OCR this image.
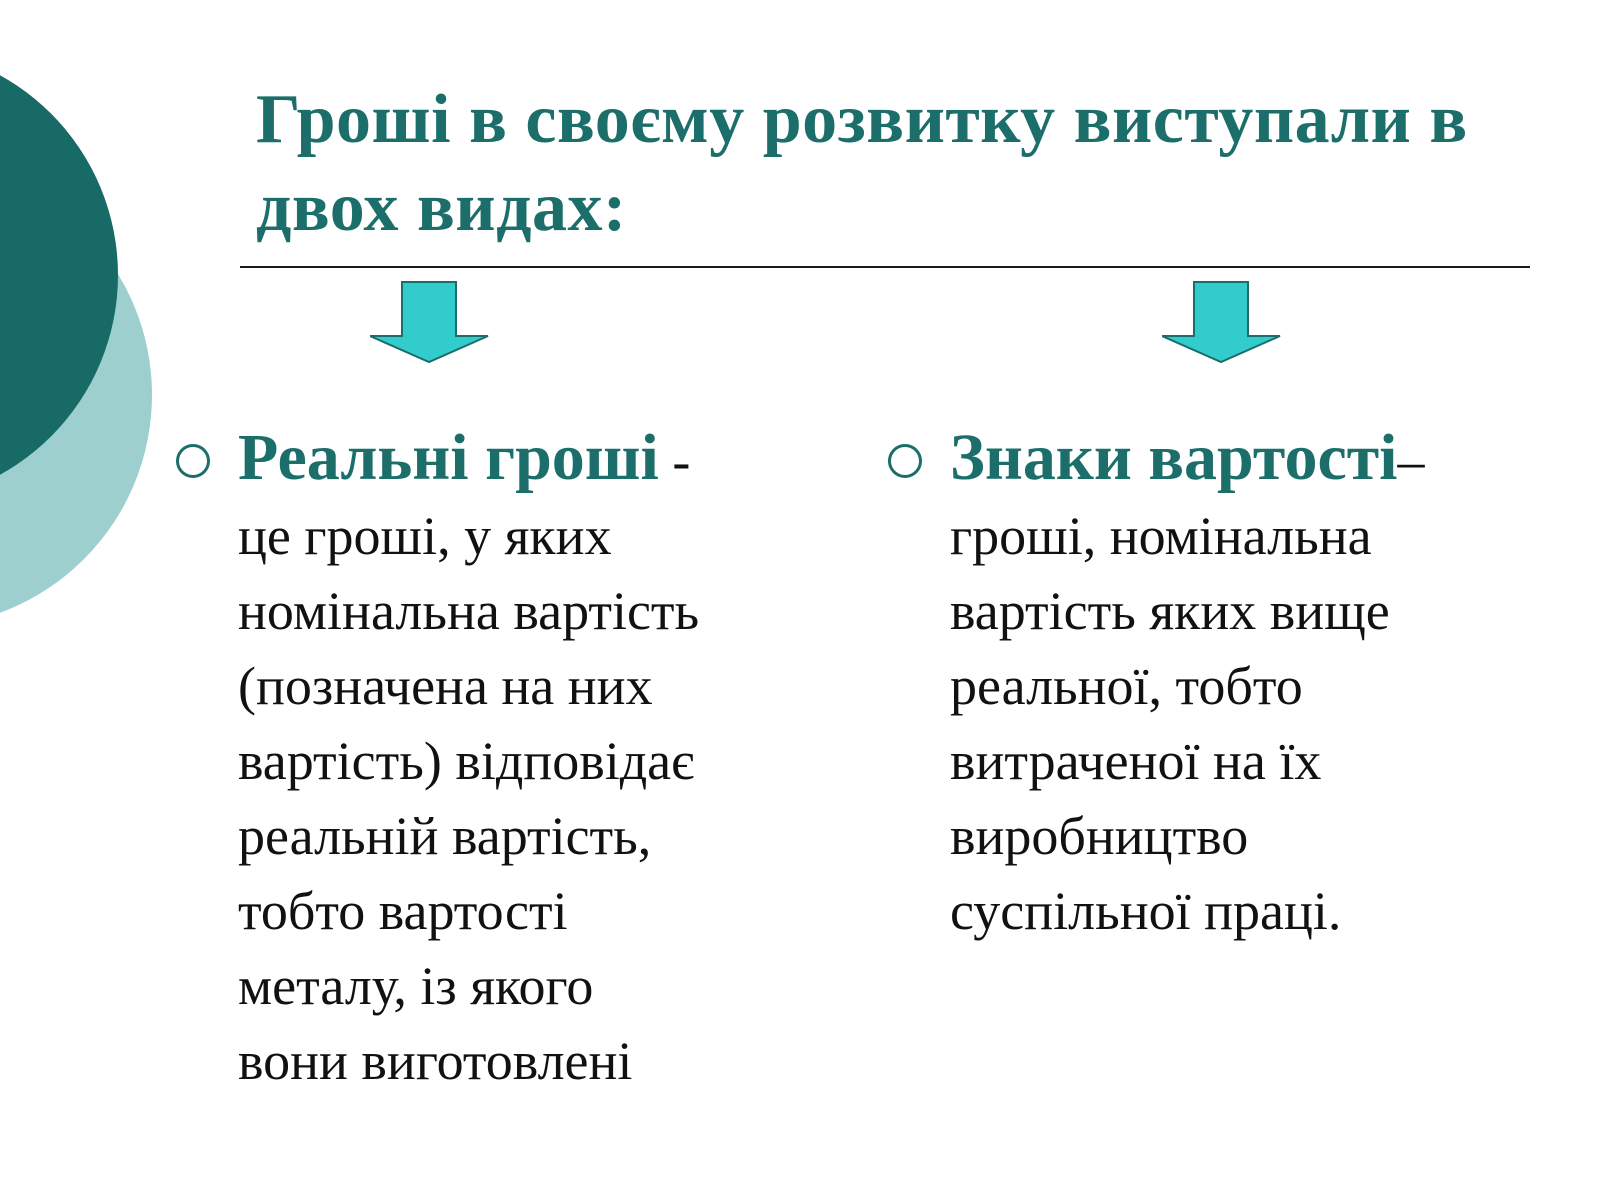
Гроші в своєму розвитку виступали в двох видах:
Реальні гроші -
це гроші, у яких
номінальна вартість
(позначена на них
вартість) відповідає
реальній вартість,
тобто вартості
металу, із якого
вони виготовлені
Знаки вартості–
гроші, номінальна
вартість яких вище
реальної, тобто
витраченої на їх
виробництво
суспільної праці.
